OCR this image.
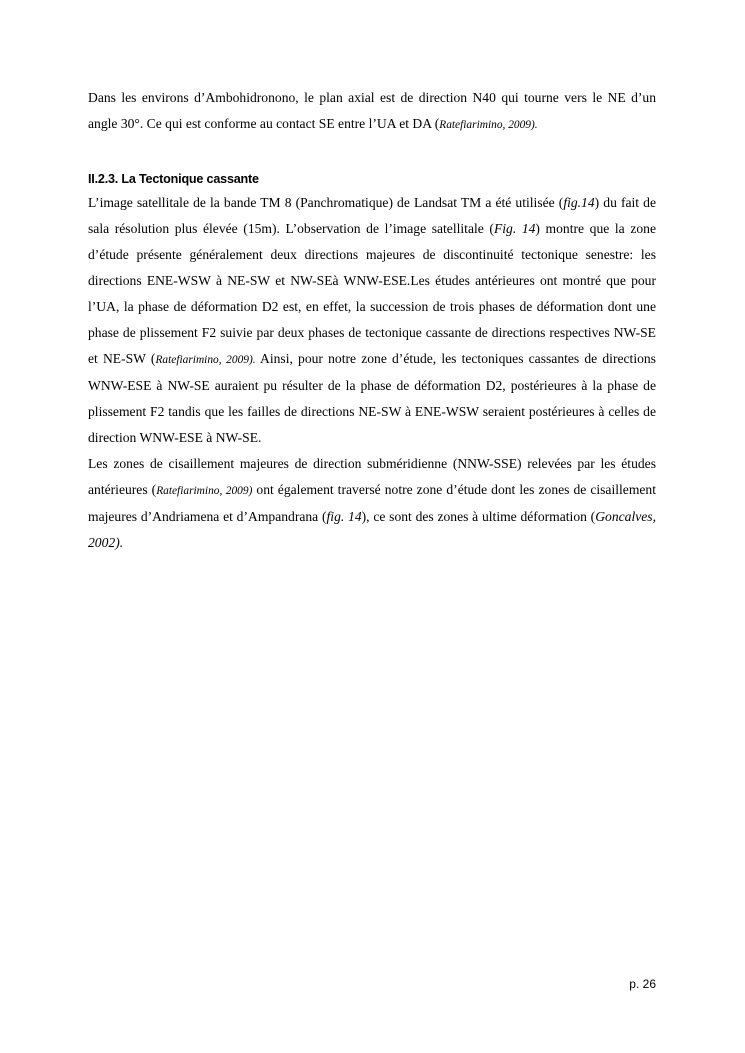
Dans les environs d’Ambohidronono, le plan axial est de direction N40 qui tourne vers le NE d’un angle 30°. Ce qui est conforme au contact SE entre l’UA et DA (Ratefiarimino, 2009).

II.2.3. La Tectonique cassante

L’image satellitale de la bande TM 8 (Panchromatique) de Landsat TM a été utilisée (fig.14) du fait de sala résolution plus élevée (15m). L’observation de l’image satellitale (Fig. 14) montre que la zone d’étude présente généralement deux directions majeures de discontinuité tectonique senestre: les directions ENE-WSW à NE-SW et NW-SEà WNW-ESE.Les études antérieures ont montré que pour l’UA, la phase de déformation D2 est, en effet, la succession de trois phases de déformation dont une phase de plissement F2 suivie par deux phases de tectonique cassante de directions respectives NW-SE et NE-SW (Ratefiarimino, 2009). Ainsi, pour notre zone d’étude, les tectoniques cassantes de directions WNW-ESE à NW-SE auraient pu résulter de la phase de déformation D2, postérieures à la phase de plissement F2 tandis que les failles de directions NE-SW à ENE-WSW seraient postérieures à celles de direction WNW-ESE à NW-SE.

Les zones de cisaillement majeures de direction subméridienne (NNW-SSE) relevées par les études antérieures (Ratefiarimino, 2009) ont également traversé notre zone d’étude dont les zones de cisaillement majeures d’Andriamena et d’Ampandrana (fig. 14), ce sont des zones à ultime déformation (Goncalves, 2002).

p. 26
